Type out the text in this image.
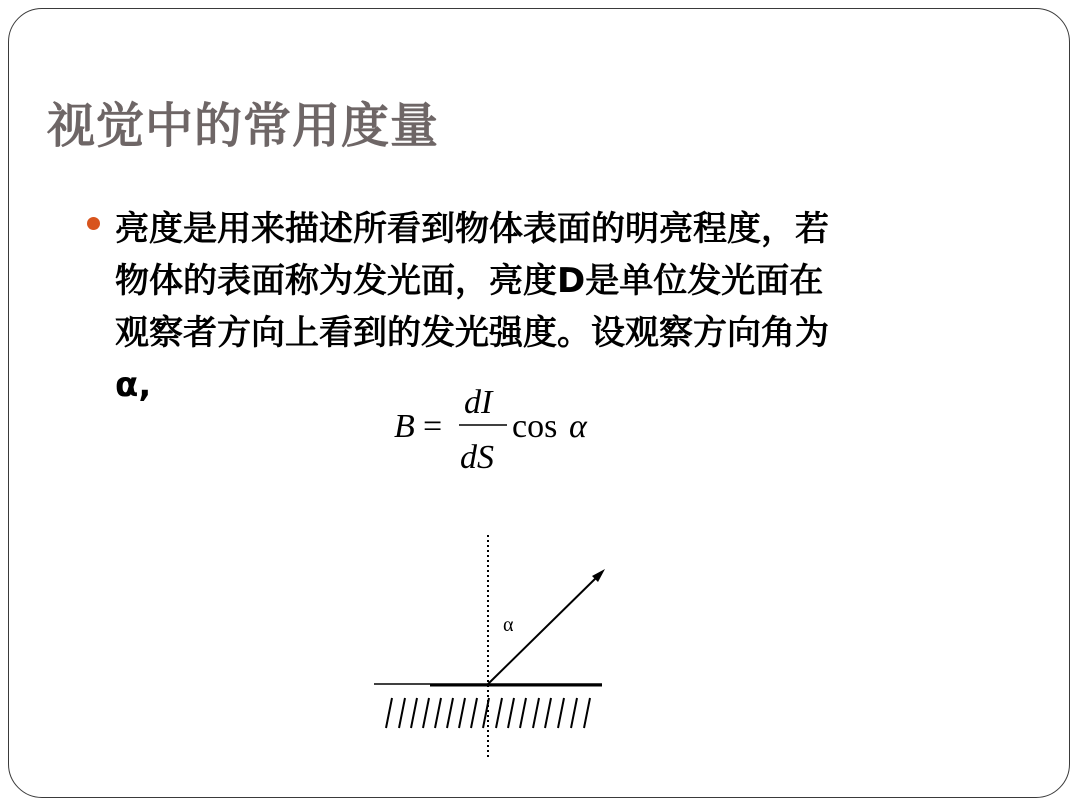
视觉中的常用度量
亮度是用来描述所看到物体表面的明亮程度，若
物体的表面称为发光面，亮度D是单位发光面在
观察者方向上看到的发光强度。设观察方向角为
α,
B =
dI
dS
cos α
α
